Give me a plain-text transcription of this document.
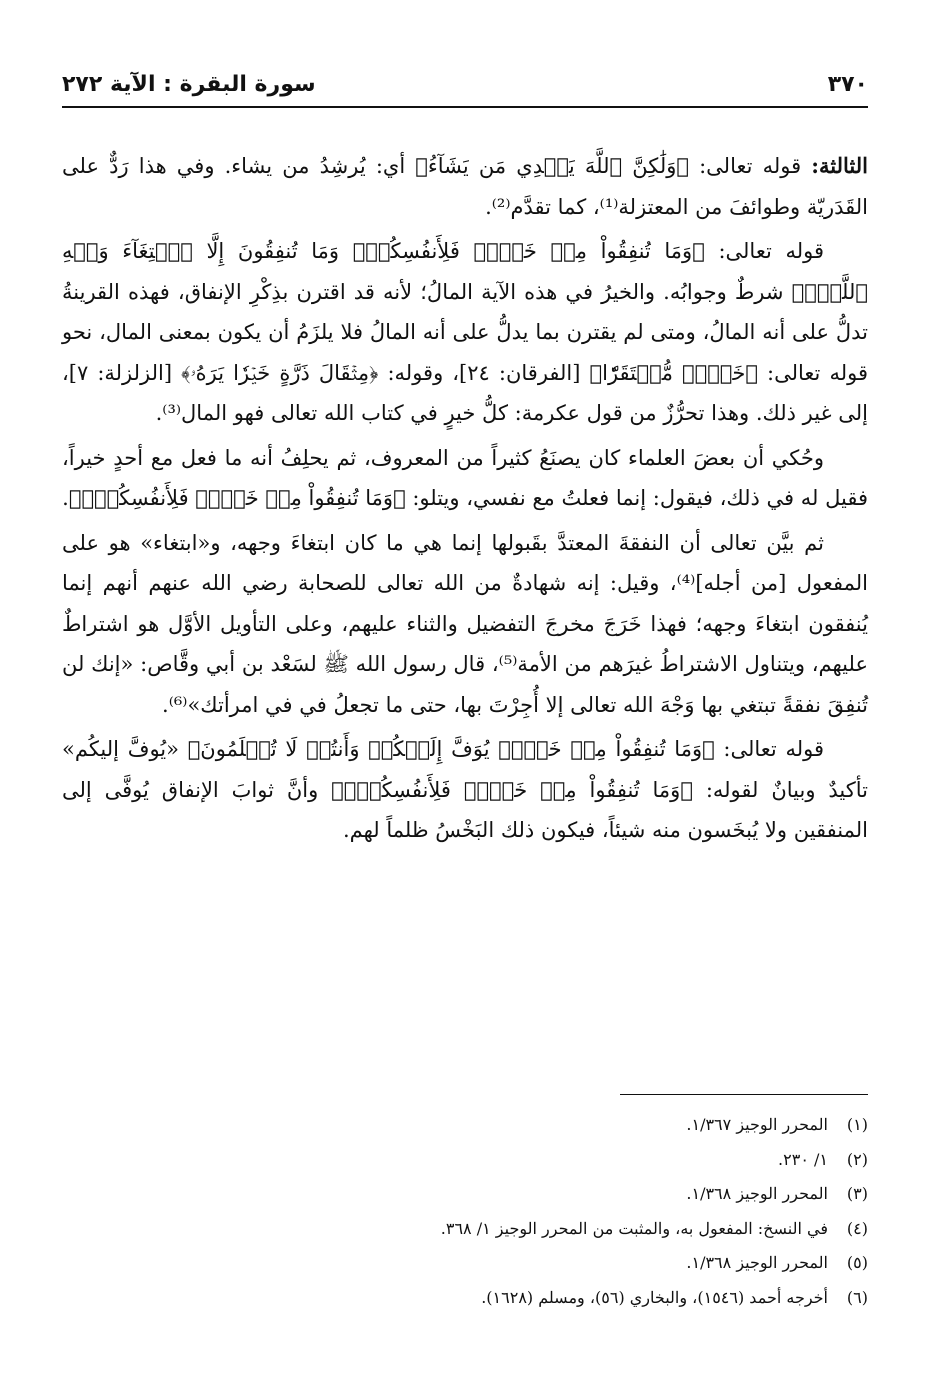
٣٧٠
سورة البقرة : الآية ٢٧٢

الثالثة: قوله تعالى: ﴿وَلَٰكِنَّ ٱللَّهَ يَهۡدِي مَن يَشَآءُ﴾ أي: يُرشِدُ من يشاء. وفي هذا رَدٌّ على القَدَريّة وطوائفَ من المعتزلة⁽¹⁾، كما تقدَّم⁽²⁾.

قوله تعالى: ﴿وَمَا تُنفِقُواْ مِنۡ خَيۡرٖ فَلِأَنفُسِكُمۡۚ وَمَا تُنفِقُونَ إِلَّا ٱبۡتِغَآءَ وَجۡهِ ٱللَّهِۚ﴾ شرطٌ وجوابُه. والخيرُ في هذه الآية المالُ؛ لأنه قد اقترن بذِكْرِ الإنفاق، فهذه القرينةُ تدلُّ على أنه المالُ، ومتى لم يقترن بما يدلُّ على أنه المالُ فلا يلزَمُ أن يكون بمعنى المال، نحو قوله تعالى: ﴿خَيۡرٞ مُّسۡتَقَرّٗا﴾ [الفرقان: ٢٤]، وقوله: ﴿مِثۡقَالَ ذَرَّةٍ خَيۡرٗا يَرَهُۥ﴾ [الزلزلة: ٧]، إلى غير ذلك. وهذا تحرُّزٌ من قول عكرمة: كلُّ خيرٍ في كتاب الله تعالى فهو المال⁽³⁾.

وحُكي أن بعضَ العلماء كان يصنَعُ كثيراً من المعروف، ثم يحلِفُ أنه ما فعل مع أحدٍ خيراً، فقيل له في ذلك، فيقول: إنما فعلتُ مع نفسي، ويتلو: ﴿وَمَا تُنفِقُواْ مِنۡ خَيۡرٖ فَلِأَنفُسِكُمۡۚ﴾.

ثم بيَّن تعالى أن النفقةَ المعتدَّ بقَبولها إنما هي ما كان ابتغاءَ وجهه، و«ابتغاء» هو على المفعول [من أجله]⁽⁴⁾، وقيل: إنه شهادةٌ من الله تعالى للصحابة رضي الله عنهم أنهم إنما يُنفقون ابتغاءَ وجهه؛ فهذا خَرَجَ مخرجَ التفضيل والثناء عليهم، وعلى التأويل الأوَّل هو اشتراطٌ عليهم، ويتناول الاشتراطُ غيرَهم من الأمة⁽⁵⁾، قال رسول الله ﷺ لسَعْد بن أبي وقَّاص: «إنك لن تُنفِقَ نفقةً تبتغي بها وَجْهَ الله تعالى إلا أُجِرْتَ بها، حتى ما تجعلُ في في امرأتك»⁽⁶⁾.

قوله تعالى: ﴿وَمَا تُنفِقُواْ مِنۡ خَيۡرٖ يُوَفَّ إِلَيۡكُمۡ وَأَنتُمۡ لَا تُظۡلَمُونَ﴾ «يُوفَّ إليكُم» تأكيدٌ وبيانٌ لقوله: ﴿وَمَا تُنفِقُواْ مِنۡ خَيۡرٖ فَلِأَنفُسِكُمۡۚ﴾ وأنَّ ثوابَ الإنفاق يُوفَّى إلى المنفقين ولا يُبخَسون منه شيئاً، فيكون ذلك البَخْسُ ظلماً لهم.

(١)
المحرر الوجيز ١/٣٦٧.
(٢)
١/ ٢٣٠.
(٣)
المحرر الوجيز ١/٣٦٨.
(٤)
في النسخ: المفعول به، والمثبت من المحرر الوجيز ١/ ٣٦٨.
(٥)
المحرر الوجيز ١/٣٦٨.
(٦)
أخرجه أحمد (١٥٤٦)، والبخاري (٥٦)، ومسلم (١٦٢٨).
